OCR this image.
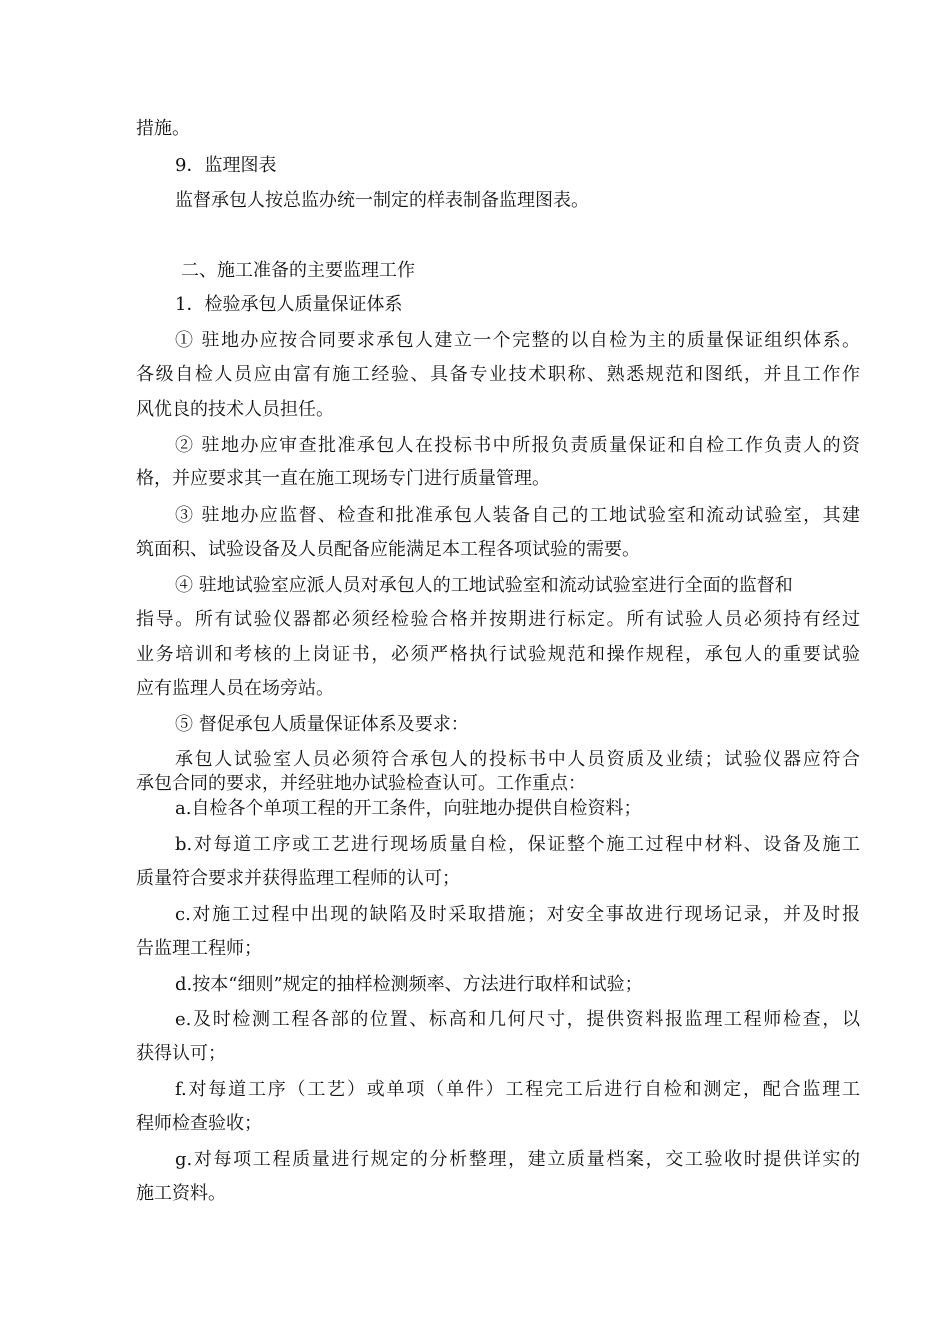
措施。
9．监理图表
监督承包人按总监办统一制定的样表制备监理图表。
二、施工准备的主要监理工作
1．检验承包人质量保证体系
① 驻地办应按合同要求承包人建立一个完整的以自检为主的质量保证组织体系。
各级自检人员应由富有施工经验、具备专业技术职称、熟悉规范和图纸，并且工作作
风优良的技术人员担任。
② 驻地办应审查批准承包人在投标书中所报负责质量保证和自检工作负责人的资
格，并应要求其一直在施工现场专门进行质量管理。
③ 驻地办应监督、检查和批准承包人装备自己的工地试验室和流动试验室，其建
筑面积、试验设备及人员配备应能满足本工程各项试验的需要。
④ 驻地试验室应派人员对承包人的工地试验室和流动试验室进行全面的监督和
指导。所有试验仪器都必须经检验合格并按期进行标定。所有试验人员必须持有经过
业务培训和考核的上岗证书，必须严格执行试验规范和操作规程，承包人的重要试验
应有监理人员在场旁站。
⑤ 督促承包人质量保证体系及要求：
承包人试验室人员必须符合承包人的投标书中人员资质及业绩；试验仪器应符合
承包合同的要求，并经驻地办试验检查认可。工作重点：
a.自检各个单项工程的开工条件，向驻地办提供自检资料；
b.对每道工序或工艺进行现场质量自检，保证整个施工过程中材料、设备及施工
质量符合要求并获得监理工程师的认可；
c.对施工过程中出现的缺陷及时采取措施；对安全事故进行现场记录，并及时报
告监理工程师；
d.按本“细则”规定的抽样检测频率、方法进行取样和试验；
e.及时检测工程各部的位置、标高和几何尺寸，提供资料报监理工程师检查，以
获得认可；
f.对每道工序（工艺）或单项（单件）工程完工后进行自检和测定，配合监理工
程师检查验收；
g.对每项工程质量进行规定的分析整理，建立质量档案，交工验收时提供详实的
施工资料。
